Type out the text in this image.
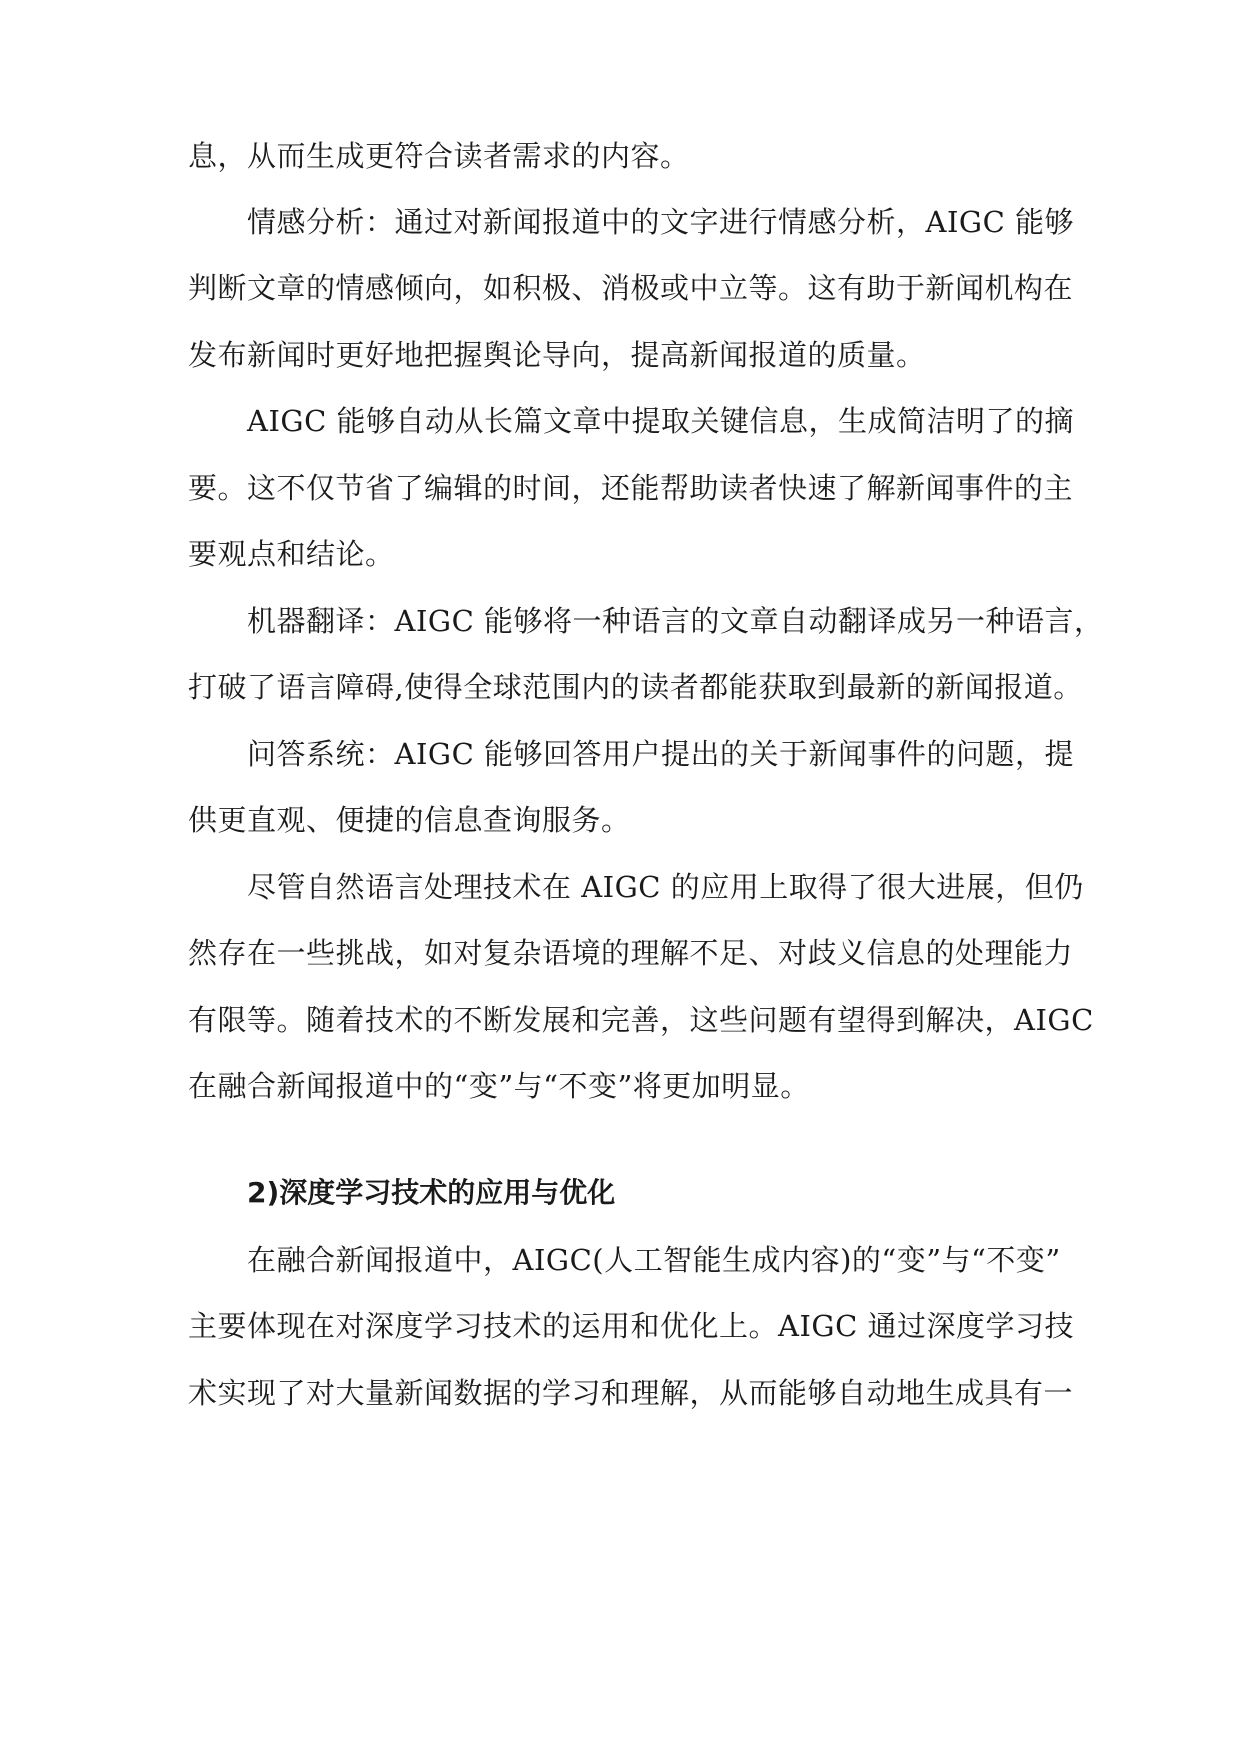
息，从而生成更符合读者需求的内容。
情感分析：通过对新闻报道中的文字进行情感分析，AIGC 能够
判断文章的情感倾向，如积极、消极或中立等。这有助于新闻机构在
发布新闻时更好地把握舆论导向，提高新闻报道的质量。
AIGC 能够自动从长篇文章中提取关键信息，生成简洁明了的摘
要。这不仅节省了编辑的时间，还能帮助读者快速了解新闻事件的主
要观点和结论。
机器翻译：AIGC 能够将一种语言的文章自动翻译成另一种语言，
打破了语言障碍,使得全球范围内的读者都能获取到最新的新闻报道。
问答系统：AIGC 能够回答用户提出的关于新闻事件的问题，提
供更直观、便捷的信息查询服务。
尽管自然语言处理技术在 AIGC 的应用上取得了很大进展，但仍
然存在一些挑战，如对复杂语境的理解不足、对歧义信息的处理能力
有限等。随着技术的不断发展和完善，这些问题有望得到解决，AIGC
在融合新闻报道中的“变”与“不变”将更加明显。
2)深度学习技术的应用与优化
在融合新闻报道中，AIGC(人工智能生成内容)的“变”与“不变”
主要体现在对深度学习技术的运用和优化上。AIGC 通过深度学习技
术实现了对大量新闻数据的学习和理解，从而能够自动地生成具有一
